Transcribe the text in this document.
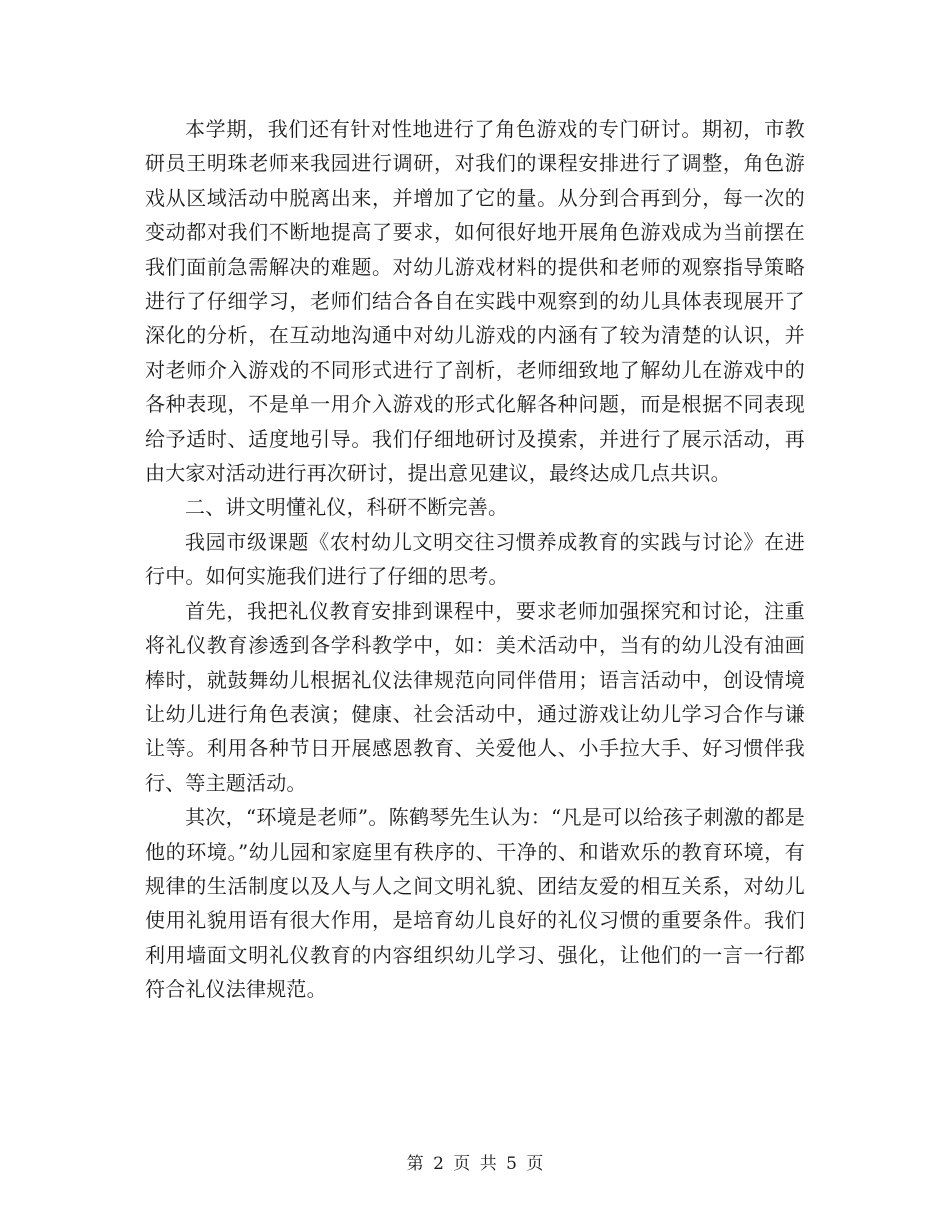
本学期，我们还有针对性地进行了角色游戏的专门研讨。期初，市教研员王明珠老师来我园进行调研，对我们的课程安排进行了调整，角色游戏从区域活动中脱离出来，并增加了它的量。从分到合再到分，每一次的变动都对我们不断地提高了要求，如何很好地开展角色游戏成为当前摆在我们面前急需解决的难题。对幼儿游戏材料的提供和老师的观察指导策略进行了仔细学习，老师们结合各自在实践中观察到的幼儿具体表现展开了深化的分析，在互动地沟通中对幼儿游戏的内涵有了较为清楚的认识，并对老师介入游戏的不同形式进行了剖析，老师细致地了解幼儿在游戏中的各种表现，不是单一用介入游戏的形式化解各种问题，而是根据不同表现给予适时、适度地引导。我们仔细地研讨及摸索，并进行了展示活动，再由大家对活动进行再次研讨，提出意见建议，最终达成几点共识。

二、讲文明懂礼仪，科研不断完善。

我园市级课题《农村幼儿文明交往习惯养成教育的实践与讨论》在进行中。如何实施我们进行了仔细的思考。

首先，我把礼仪教育安排到课程中，要求老师加强探究和讨论，注重将礼仪教育渗透到各学科教学中，如：美术活动中，当有的幼儿没有油画棒时，就鼓舞幼儿根据礼仪法律规范向同伴借用；语言活动中，创设情境让幼儿进行角色表演；健康、社会活动中，通过游戏让幼儿学习合作与谦让等。利用各种节日开展感恩教育、关爱他人、小手拉大手、好习惯伴我行、等主题活动。

其次，“环境是老师”。陈鹤琴先生认为：“凡是可以给孩子刺激的都是他的环境。”幼儿园和家庭里有秩序的、干净的、和谐欢乐的教育环境，有规律的生活制度以及人与人之间文明礼貌、团结友爱的相互关系，对幼儿使用礼貌用语有很大作用，是培育幼儿良好的礼仪习惯的重要条件。我们利用墙面文明礼仪教育的内容组织幼儿学习、强化，让他们的一言一行都符合礼仪法律规范。

第 2 页 共 5 页
